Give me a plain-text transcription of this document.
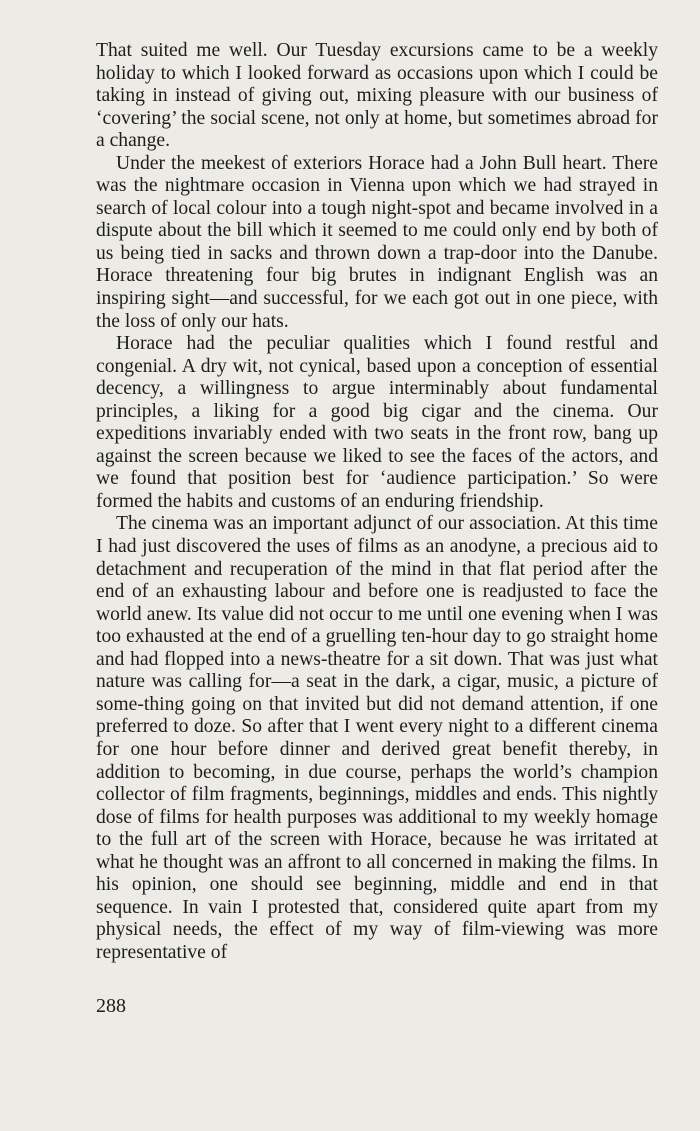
That suited me well. Our Tuesday excursions came to be a weekly holiday to which I looked forward as occasions upon which I could be taking in instead of giving out, mixing pleasure with our business of ‘covering’ the social scene, not only at home, but sometimes abroad for a change.

Under the meekest of exteriors Horace had a John Bull heart. There was the nightmare occasion in Vienna upon which we had strayed in search of local colour into a tough night-spot and became involved in a dispute about the bill which it seemed to me could only end by both of us being tied in sacks and thrown down a trap-door into the Danube. Horace threatening four big brutes in indignant English was an inspiring sight—and successful, for we each got out in one piece, with the loss of only our hats.

Horace had the peculiar qualities which I found restful and congenial. A dry wit, not cynical, based upon a conception of essential decency, a willingness to argue interminably about fundamental principles, a liking for a good big cigar and the cinema. Our expeditions invariably ended with two seats in the front row, bang up against the screen because we liked to see the faces of the actors, and we found that position best for ‘audience participation.’ So were formed the habits and customs of an enduring friendship.

The cinema was an important adjunct of our association. At this time I had just discovered the uses of films as an anodyne, a precious aid to detachment and recuperation of the mind in that flat period after the end of an exhausting labour and before one is readjusted to face the world anew. Its value did not occur to me until one evening when I was too exhausted at the end of a gruelling ten-hour day to go straight home and had flopped into a news-theatre for a sit down. That was just what nature was calling for—a seat in the dark, a cigar, music, a picture of some-thing going on that invited but did not demand attention, if one preferred to doze. So after that I went every night to a different cinema for one hour before dinner and derived great benefit thereby, in addition to becoming, in due course, perhaps the world’s champion collector of film fragments, beginnings, middles and ends. This nightly dose of films for health purposes was additional to my weekly homage to the full art of the screen with Horace, because he was irritated at what he thought was an affront to all concerned in making the films. In his opinion, one should see beginning, middle and end in that sequence. In vain I protested that, considered quite apart from my physical needs, the effect of my way of film-viewing was more representative of

288
